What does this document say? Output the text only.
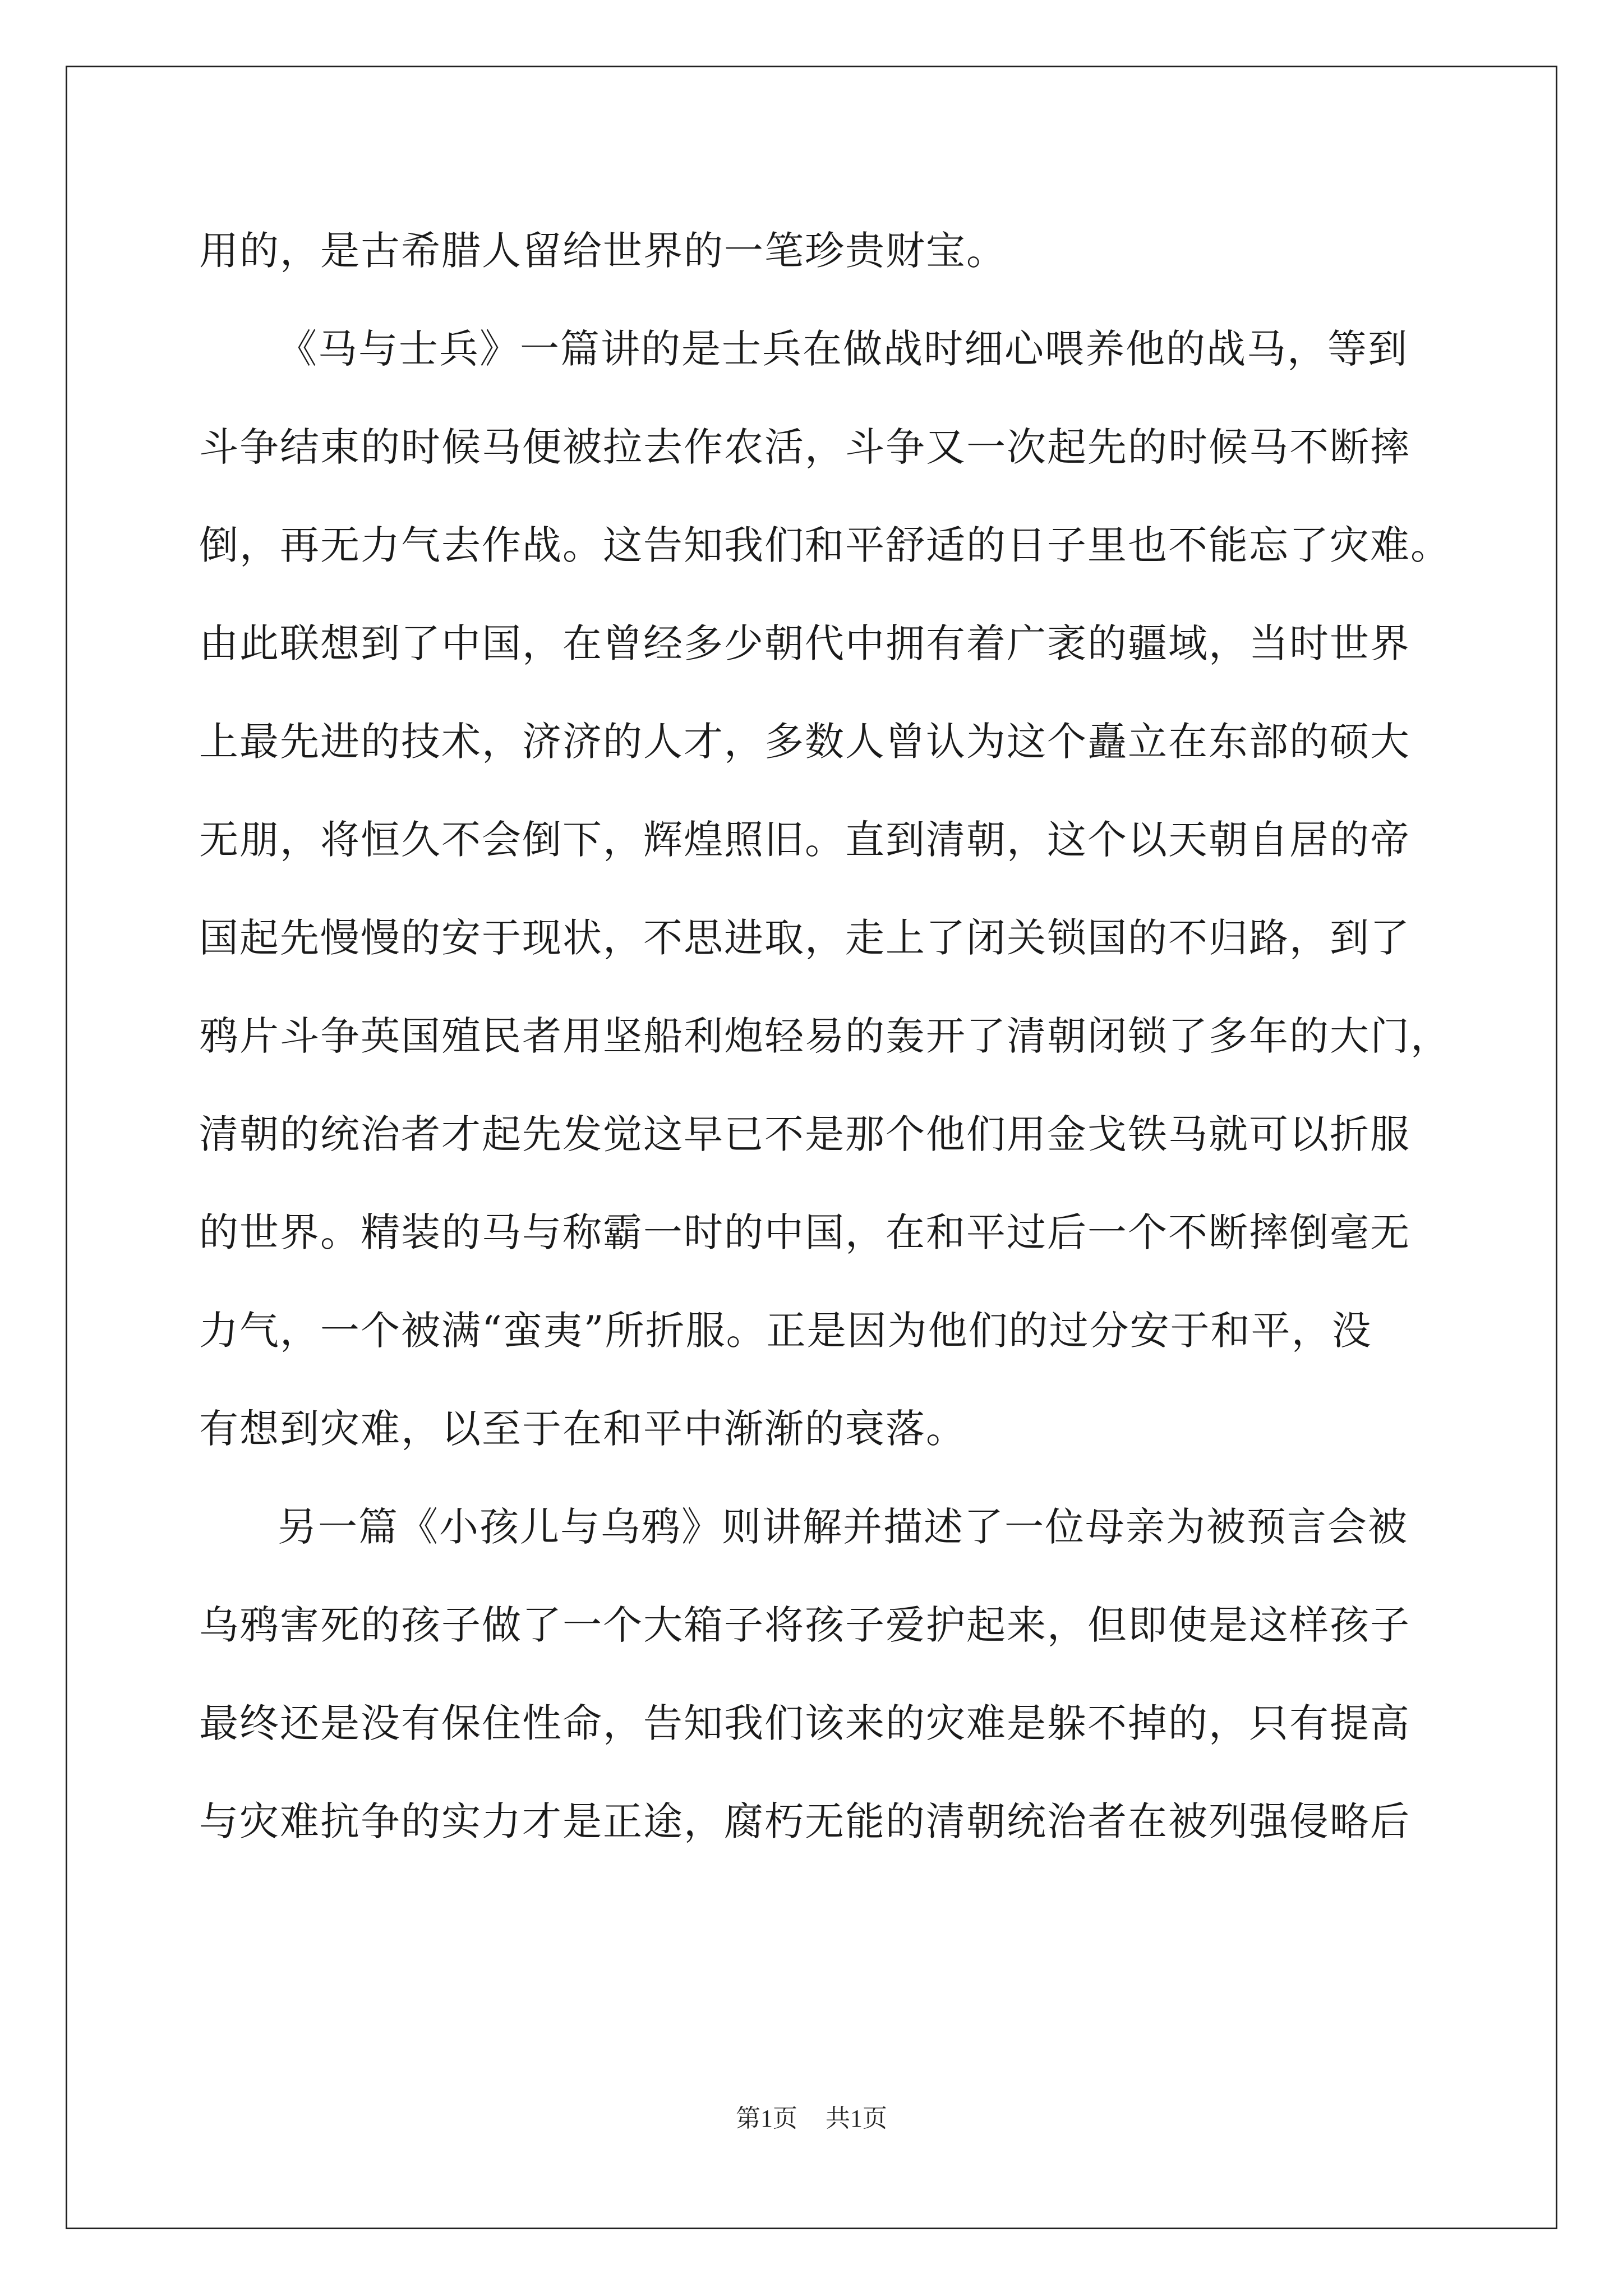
用的，是古希腊人留给世界的一笔珍贵财宝。
《马与士兵》一篇讲的是士兵在做战时细心喂养他的战马，等到
斗争结束的时候马便被拉去作农活，斗争又一次起先的时候马不断摔
倒，再无力气去作战。这告知我们和平舒适的日子里也不能忘了灾难。
由此联想到了中国，在曾经多少朝代中拥有着广袤的疆域，当时世界
上最先进的技术，济济的人才，多数人曾认为这个矗立在东部的硕大
无朋，将恒久不会倒下，辉煌照旧。直到清朝，这个以天朝自居的帝
国起先慢慢的安于现状，不思进取，走上了闭关锁国的不归路，到了
鸦片斗争英国殖民者用坚船利炮轻易的轰开了清朝闭锁了多年的大门，
清朝的统治者才起先发觉这早已不是那个他们用金戈铁马就可以折服
的世界。精装的马与称霸一时的中国，在和平过后一个不断摔倒毫无
力气，一个被满“蛮夷”所折服。正是因为他们的过分安于和平，没
有想到灾难，以至于在和平中渐渐的衰落。
另一篇《小孩儿与乌鸦》则讲解并描述了一位母亲为被预言会被
乌鸦害死的孩子做了一个大箱子将孩子爱护起来，但即使是这样孩子
最终还是没有保住性命，告知我们该来的灾难是躲不掉的，只有提高
与灾难抗争的实力才是正途，腐朽无能的清朝统治者在被列强侵略后
第1页 共1页
